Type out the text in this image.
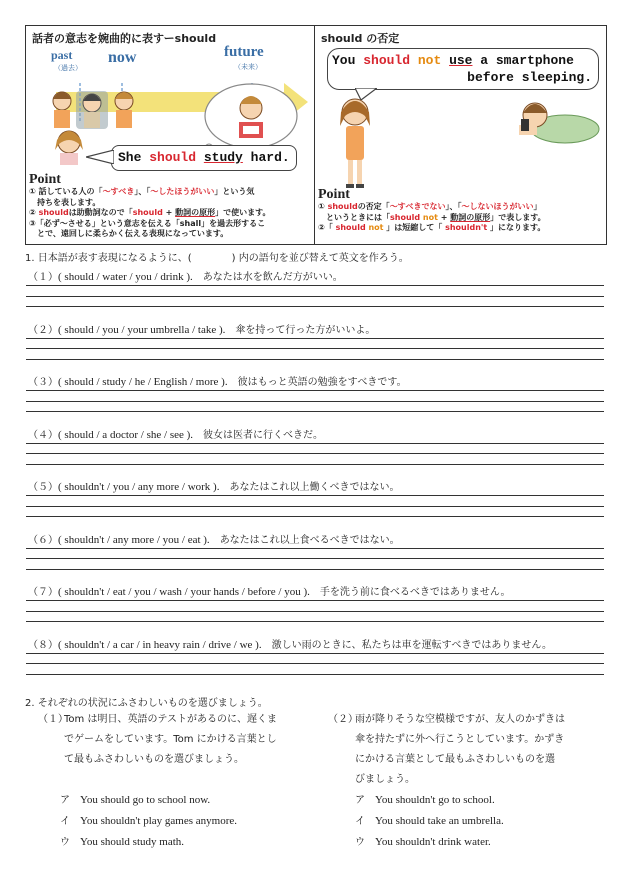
話者の意志を婉曲的に表すーshould
past
（過去）
now	future
（未来）
She should study hard.
Point
① 話している人の「～すべき」、「～したほうがいい」という気
　持ちを表します。
② shouldは助動詞なので「should + 動詞の原形」で使います。
③「必ず～させる」という意志を伝える「shall」を過去形するこ
　とで、遠回しに柔らかく伝える表現になっています。
should の否定
You should not use a smartphone
before sleeping.
Point
① shouldの否定「～すべきでない」、「～しないほうがいい」
　というときには「should not + 動詞の原形」で表します。
②「 should not 」は短縮して「 shouldn't 」になります。
1. 日本語が表す表現になるように、(　　　　) 内の語句を並び替えて英文を作ろう。
（１）( should / water / you / drink ).　 あなたは水を飲んだ方がいい。
（２）( should / you / your umbrella / take ).　 傘を持って行った方がいいよ。
（３）( should / study / he / English / more ).　 彼はもっと英語の勉強をすべきです。
（４）( should / a doctor / she / see ).　 彼女は医者に行くべきだ。
（５）( shouldn't / you / any more / work ).　 あなたはこれ以上働くべきではない。
（６）( shouldn't / any more / you / eat ).　 あなたはこれ以上食べるべきではない。
（７）( shouldn't / eat / you / wash / your hands / before / you ).　 手を洗う前に食べるべきではありません。
（８）( shouldn't / a car / in heavy rain / drive / we ).　 激しい雨のときに、私たちは車を運転すべきではありません。
2. それぞれの状況にふさわしいものを選びましょう。
（１）
Tom は明日、英語のテストがあるのに、遅くま
でゲームをしています。Tom にかける言葉とし
て最もふさわしいものを選びましょう。
ア　 You should go to school now.
イ　 You shouldn't play games anymore.
ウ　 You should study math.
（２）
雨が降りそうな空模様ですが、友人のかずきは
傘を持たずに外へ行こうとしています。かずき
にかける言葉として最もふさわしいものを選
びましょう。
ア　 You shouldn't go to school.
イ　 You should take an umbrella.
ウ　 You shouldn't drink water.
